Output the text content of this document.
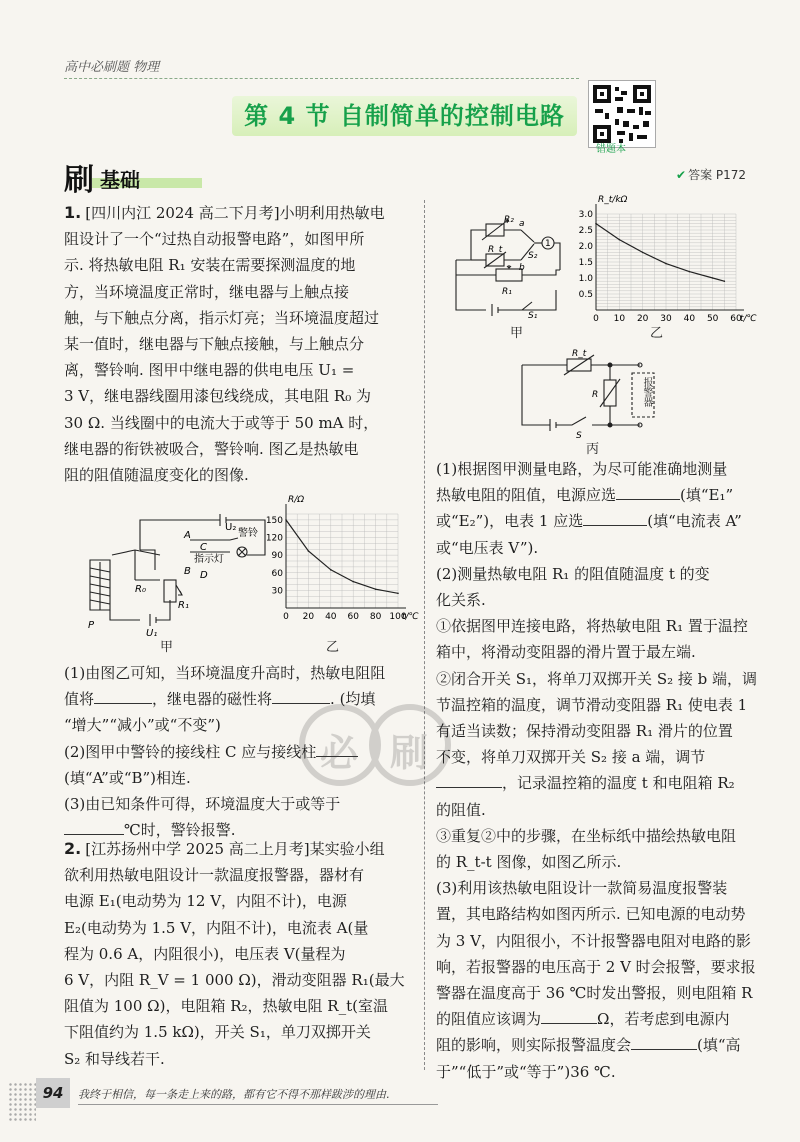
高中必刷题 物理
第 4 节 自制简单的控制电路
错题本
刷 基础	✔ 答案 P172
必 刷

1. [四川内江 2024 高二下月考]小明利用热敏电

阻设计了一个“过热自动报警电路”，如图甲所

示. 将热敏电阻 R₁ 安装在需要探测温度的地

方，当环境温度正常时，继电器与上触点接

触，与下触点分离，指示灯亮；当环境温度超过

某一值时，继电器与下触点接触，与上触点分

离，警铃响. 图甲中继电器的供电电压 U₁ =

3 V，继电器线圈用漆包线绕成，其电阻 R₀ 为

30 Ω. 当线圈中的电流大于或等于 50 mA 时，

继电器的衔铁被吸合，警铃响. 图乙是热敏电

阻的阻值随温度变化的图像.

U₂
警铃
指示灯
A
B
C
D
R₀
R₁
P
U₁
甲
0 20 40 60 80 100
30
60
90
120
150
R/Ω
t/℃
乙

(1)由图乙可知，当环境温度升高时，热敏电阻阻

值将	，继电器的磁性将	. (均填

“增大”“减小”或“不变”)

(2)图甲中警铃的接线柱 C 应与接线柱

(填“A”或“B”)相连.

(3)由已知条件可得，环境温度大于或等于

℃时，警铃报警.

2. [江苏扬州中学 2025 高二上月考]某实验小组

欲利用热敏电阻设计一款温度报警器，器材有

电源 E₁(电动势为 12 V，内阻不计)，电源

E₂(电动势为 1.5 V，内阻不计)，电流表 A(量

程为 0.6 A，内阻很小)，电压表 V(量程为

6 V，内阻 R_V = 1 000 Ω)，滑动变阻器 R₁(最大

阻值为 100 Ω)，电阻箱 R₂，热敏电阻 R_t(室温

下阻值约为 1.5 kΩ)，开关 S₁，单刀双掷开关

S₂ 和导线若干.

R₂
R_t
R₁
S₂
S₁
a
b
1
甲
0 10 20 30 40 50 60
0.5
1.0
1.5
2.0
2.5
3.0
R_t/kΩ
t/℃
乙
R_t
R
S
报警器
丙

(1)根据图甲测量电路，为尽可能准确地测量

热敏电阻的阻值，电源应选	(填“E₁”

或“E₂”)，电表 1 应选	(填“电流表 A”

或“电压表 V”).

(2)测量热敏电阻 R₁ 的阻值随温度 t 的变

化关系.

①依据图甲连接电路，将热敏电阻 R₁ 置于温控

箱中，将滑动变阻器的滑片置于最左端.

②闭合开关 S₁，将单刀双掷开关 S₂ 接 b 端，调

节温控箱的温度，调节滑动变阻器 R₁ 使电表 1

有适当读数；保持滑动变阻器 R₁ 滑片的位置

不变，将单刀双掷开关 S₂ 接 a 端，调节

，记录温控箱的温度 t 和电阻箱 R₂

的阻值.

③重复②中的步骤，在坐标纸中描绘热敏电阻

的 R_t-t 图像，如图乙所示.

(3)利用该热敏电阻设计一款简易温度报警装

置，其电路结构如图丙所示. 已知电源的电动势

为 3 V，内阻很小，不计报警器电阻对电路的影

响，若报警器的电压高于 2 V 时会报警，要求报

警器在温度高于 36 ℃时发出警报，则电阻箱 R

的阻值应该调为	Ω，若考虑到电源内

阻的影响，则实际报警温度会	(填“高

于”“低于”或“等于”)36 ℃.

94	我终于相信，每一条走上来的路，都有它不得不那样跋涉的理由.
